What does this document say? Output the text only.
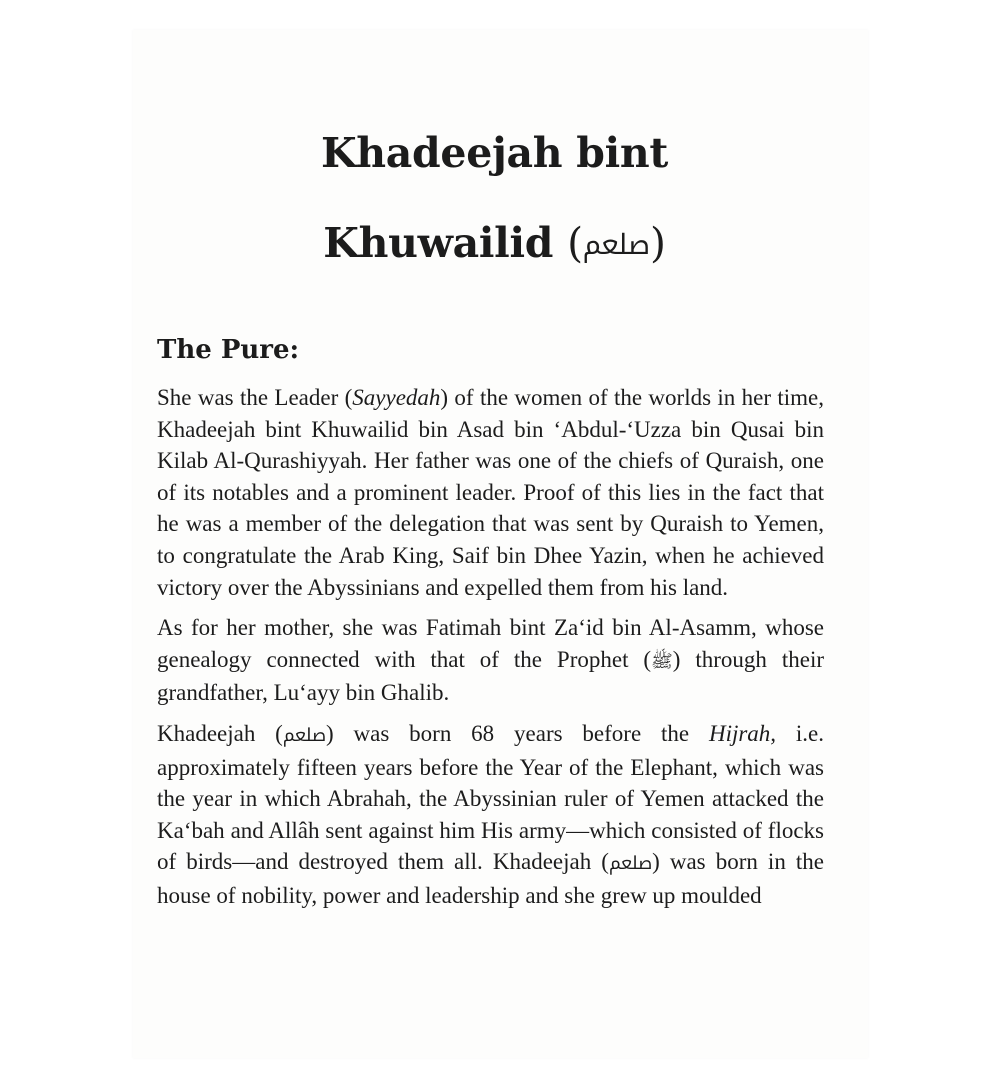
Khadeejah bint
Khuwailid (ﷵ)
The Pure:

She was the Leader (Sayyedah) of the women of the worlds in her time, Khadeejah bint Khuwailid bin Asad bin ‘Abdul-‘Uzza bin Qusai bin Kilab Al-Qurashiyyah. Her father was one of the chiefs of Quraish, one of its notables and a prominent leader. Proof of this lies in the fact that he was a member of the delegation that was sent by Quraish to Yemen, to congratulate the Arab King, Saif bin Dhee Yazin, when he achieved victory over the Abyssinians and expelled them from his land.

As for her mother, she was Fatimah bint Za‘id bin Al-Asamm, whose genealogy connected with that of the Prophet (ﷺ) through their grandfather, Lu‘ayy bin Ghalib.

Khadeejah (ﷵ) was born 68 years before the Hijrah, i.e. approximately fifteen years before the Year of the Elephant, which was the year in which Abrahah, the Abyssinian ruler of Yemen attacked the Ka‘bah and Allâh sent against him His army—which consisted of flocks of birds—and destroyed them all. Khadeejah (ﷵ) was born in the house of nobility, power and leadership and she grew up moulded
